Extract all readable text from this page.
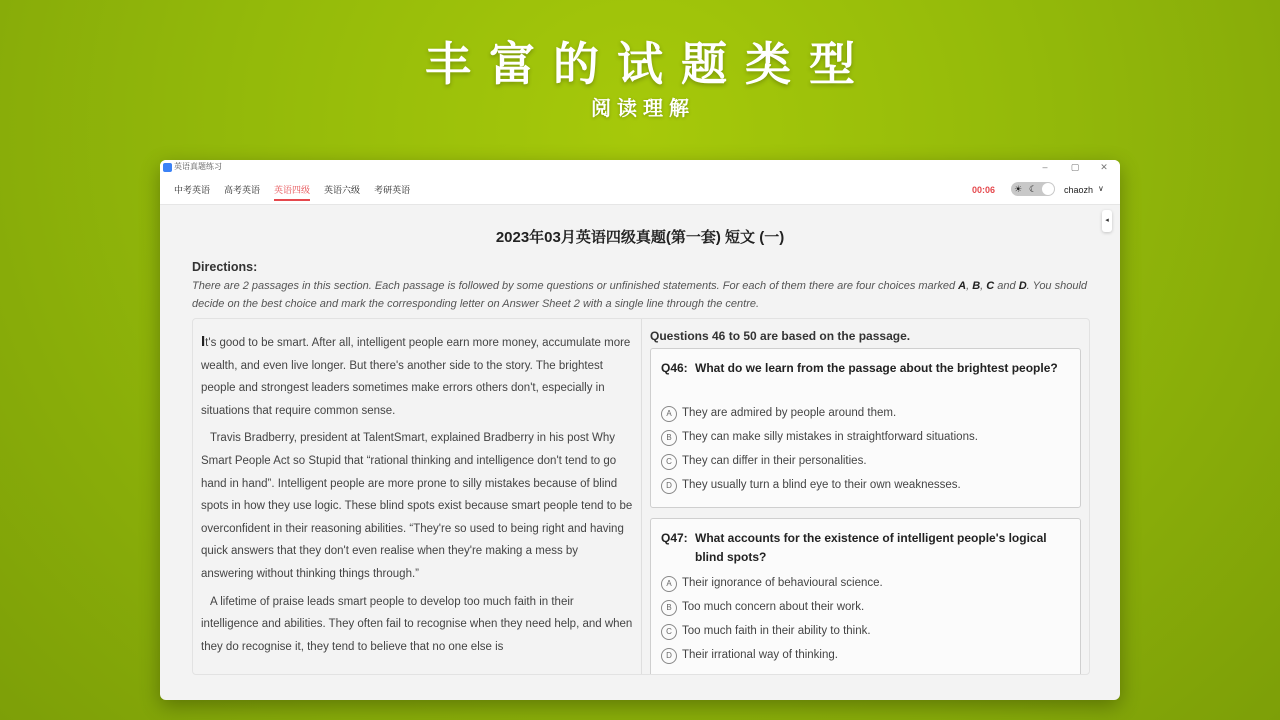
丰富的试题类型
阅读理解
英语真题练习	–	▢	✕
中考英语 高考英语 英语四级 英语六级 考研英语	00:06 ☀ ☾	chaozh ∨
◂
2023年03月英语四级真题(第一套) 短文 (一)
Directions:
There are 2 passages in this section. Each passage is followed by some questions or unfinished statements. For each of them there are four choices marked A, B, C and D. You should decide on the best choice and mark the corresponding letter on Answer Sheet 2 with a single line through the centre.

It's good to be smart. After all, intelligent people earn more money, accumulate more wealth, and even live longer. But there's another side to the story. The brightest people and strongest leaders sometimes make errors others don't, especially in situations that require common sense.

Travis Bradberry, president at TalentSmart, explained Bradberry in his post Why Smart People Act so Stupid that “rational thinking and intelligence don't tend to go hand in hand”. Intelligent people are more prone to silly mistakes because of blind spots in how they use logic. These blind spots exist because smart people tend to be overconfident in their reasoning abilities. “They're so used to being right and having quick answers that they don't even realise when they're making a mess by answering without thinking things through.”

A lifetime of praise leads smart people to develop too much faith in their intelligence and abilities. They often fail to recognise when they need help, and when they do recognise it, they tend to believe that no one else is

Questions 46 to 50 are based on the passage.
Q46: What do we learn from the passage about the brightest people?
A They are admired by people around them.
B They can make silly mistakes in straightforward situations.
C They can differ in their personalities.
D They usually turn a blind eye to their own weaknesses.
Q47: What accounts for the existence of intelligent people's logical blind spots?
A Their ignorance of behavioural science.
B Too much concern about their work.
C Too much faith in their ability to think.
D Their irrational way of thinking.
